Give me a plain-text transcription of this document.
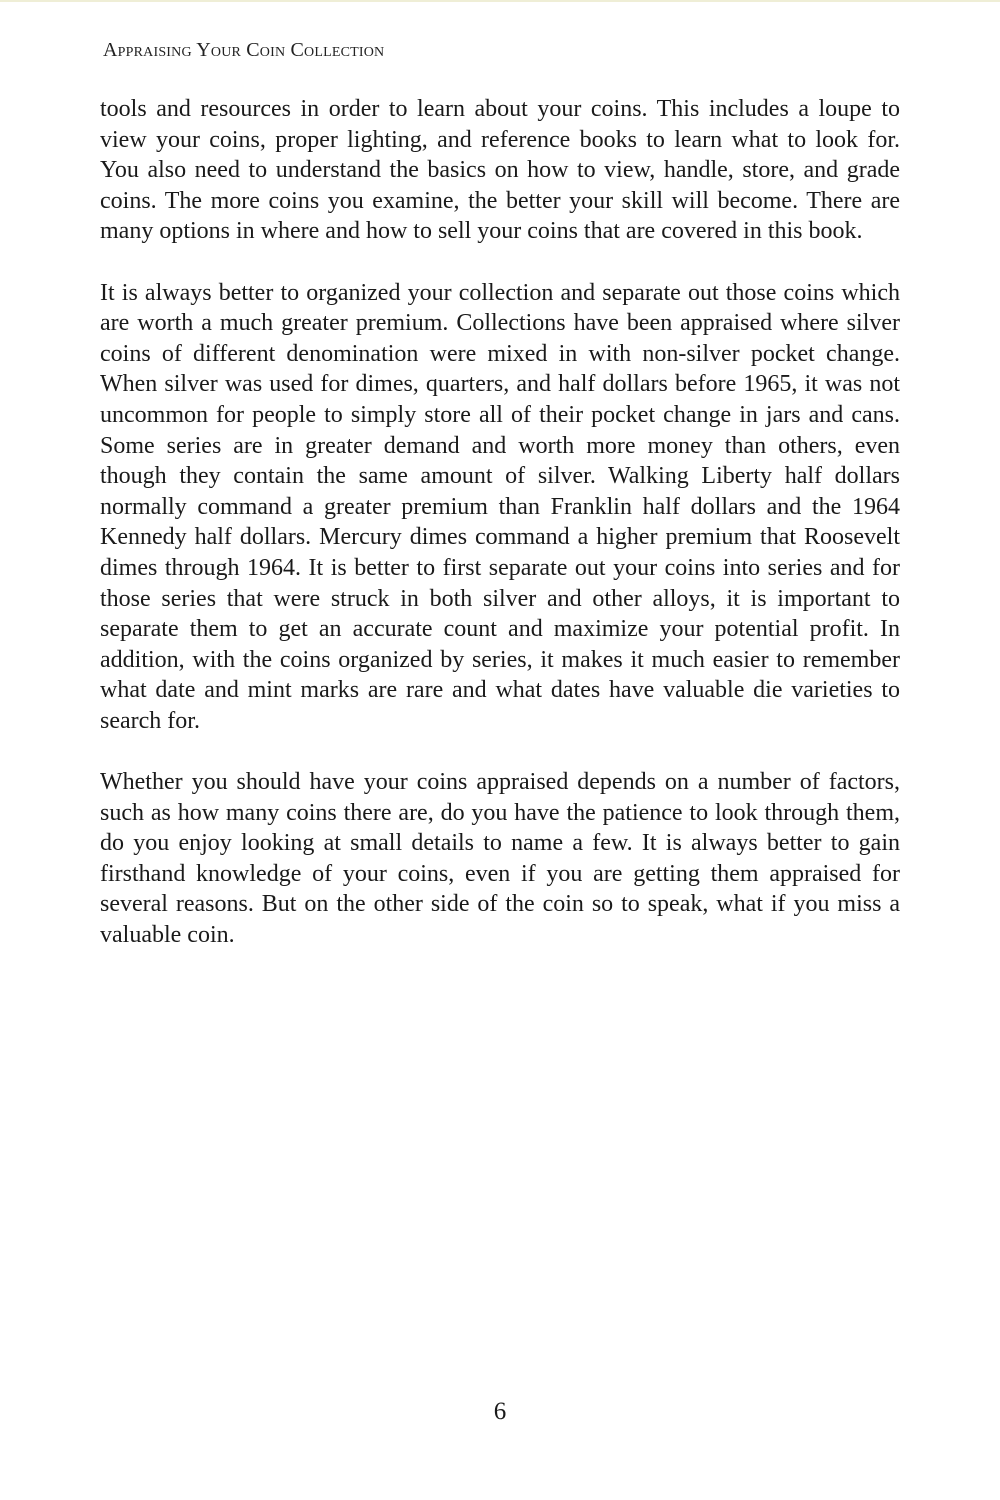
Appraising Your Coin Collection

tools and resources in order to learn about your coins. This includes a loupe to view your coins, proper lighting, and reference books to learn what to look for. You also need to understand the basics on how to view, handle, store, and grade coins. The more coins you examine, the better your skill will become. There are many options in where and how to sell your coins that are covered in this book.

It is always better to organized your collection and separate out those coins which are worth a much greater premium. Collections have been appraised where silver coins of different denomination were mixed in with non-silver pocket change. When silver was used for dimes, quarters, and half dollars before 1965, it was not uncommon for people to simply store all of their pocket change in jars and cans. Some series are in greater demand and worth more money than others, even though they contain the same amount of silver. Walking Liberty half dollars normally command a greater premium than Franklin half dollars and the 1964 Kennedy half dollars. Mercury dimes command a higher premium that Roosevelt dimes through 1964. It is better to first separate out your coins into series and for those series that were struck in both silver and other alloys, it is important to separate them to get an accurate count and maximize your potential profit. In addition, with the coins organized by series, it makes it much easier to remember what date and mint marks are rare and what dates have valuable die varieties to search for.

Whether you should have your coins appraised depends on a number of factors, such as how many coins there are, do you have the patience to look through them, do you enjoy looking at small details to name a few. It is always better to gain firsthand knowledge of your coins, even if you are getting them appraised for several reasons. But on the other side of the coin so to speak, what if you miss a valuable coin.

6
